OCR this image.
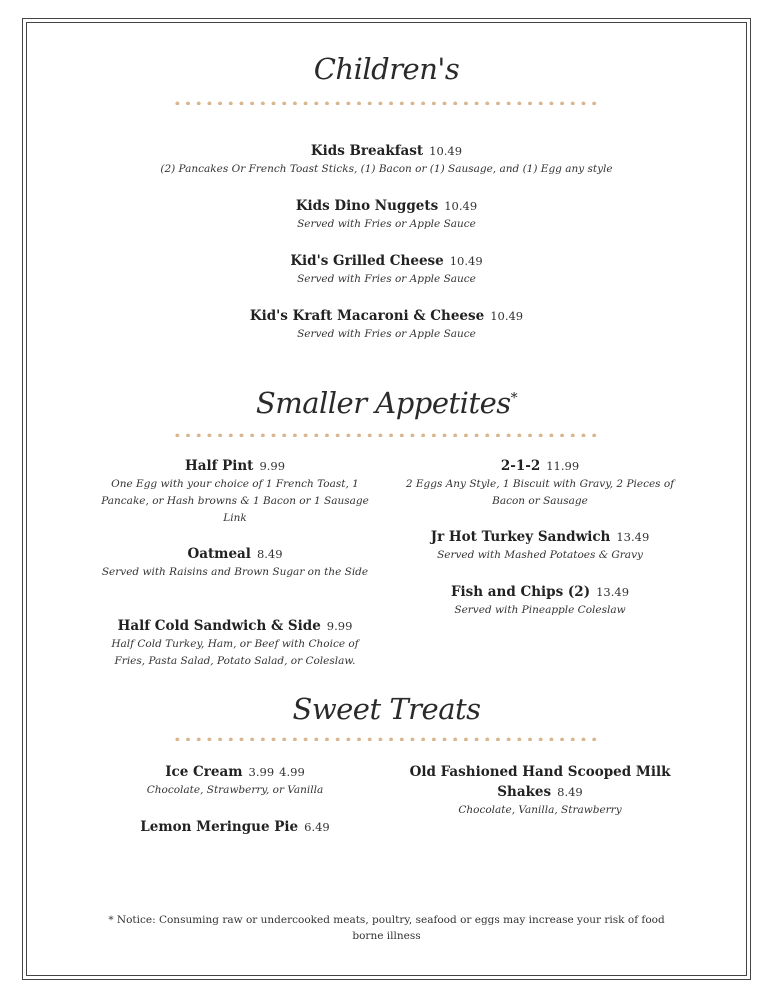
Children's
Kids Breakfast 10.49
(2) Pancakes Or French Toast Sticks, (1) Bacon or (1) Sausage, and (1) Egg any style
Kids Dino Nuggets 10.49
Served with Fries or Apple Sauce
Kid's Grilled Cheese 10.49
Served with Fries or Apple Sauce
Kid's Kraft Macaroni & Cheese 10.49
Served with Fries or Apple Sauce
Smaller Appetites*
Half Pint 9.99
One Egg with your choice of 1 French Toast, 1 Pancake, or Hash browns & 1 Bacon or 1 Sausage Link
Oatmeal 8.49
Served with Raisins and Brown Sugar on the Side
Half Cold Sandwich & Side 9.99
Half Cold Turkey, Ham, or Beef with Choice of Fries, Pasta Salad, Potato Salad, or Coleslaw.
2-1-2 11.99
2 Eggs Any Style, 1 Biscuit with Gravy, 2 Pieces of Bacon or Sausage
Jr Hot Turkey Sandwich 13.49
Served with Mashed Potatoes & Gravy
Fish and Chips (2) 13.49
Served with Pineapple Coleslaw
Sweet Treats
Ice Cream 3.99 4.99
Chocolate, Strawberry, or Vanilla
Lemon Meringue Pie 6.49
Old Fashioned Hand Scooped Milk
Shakes 8.49
Chocolate, Vanilla, Strawberry
* Notice: Consuming raw or undercooked meats, poultry, seafood or eggs may increase your risk of food borne illness
